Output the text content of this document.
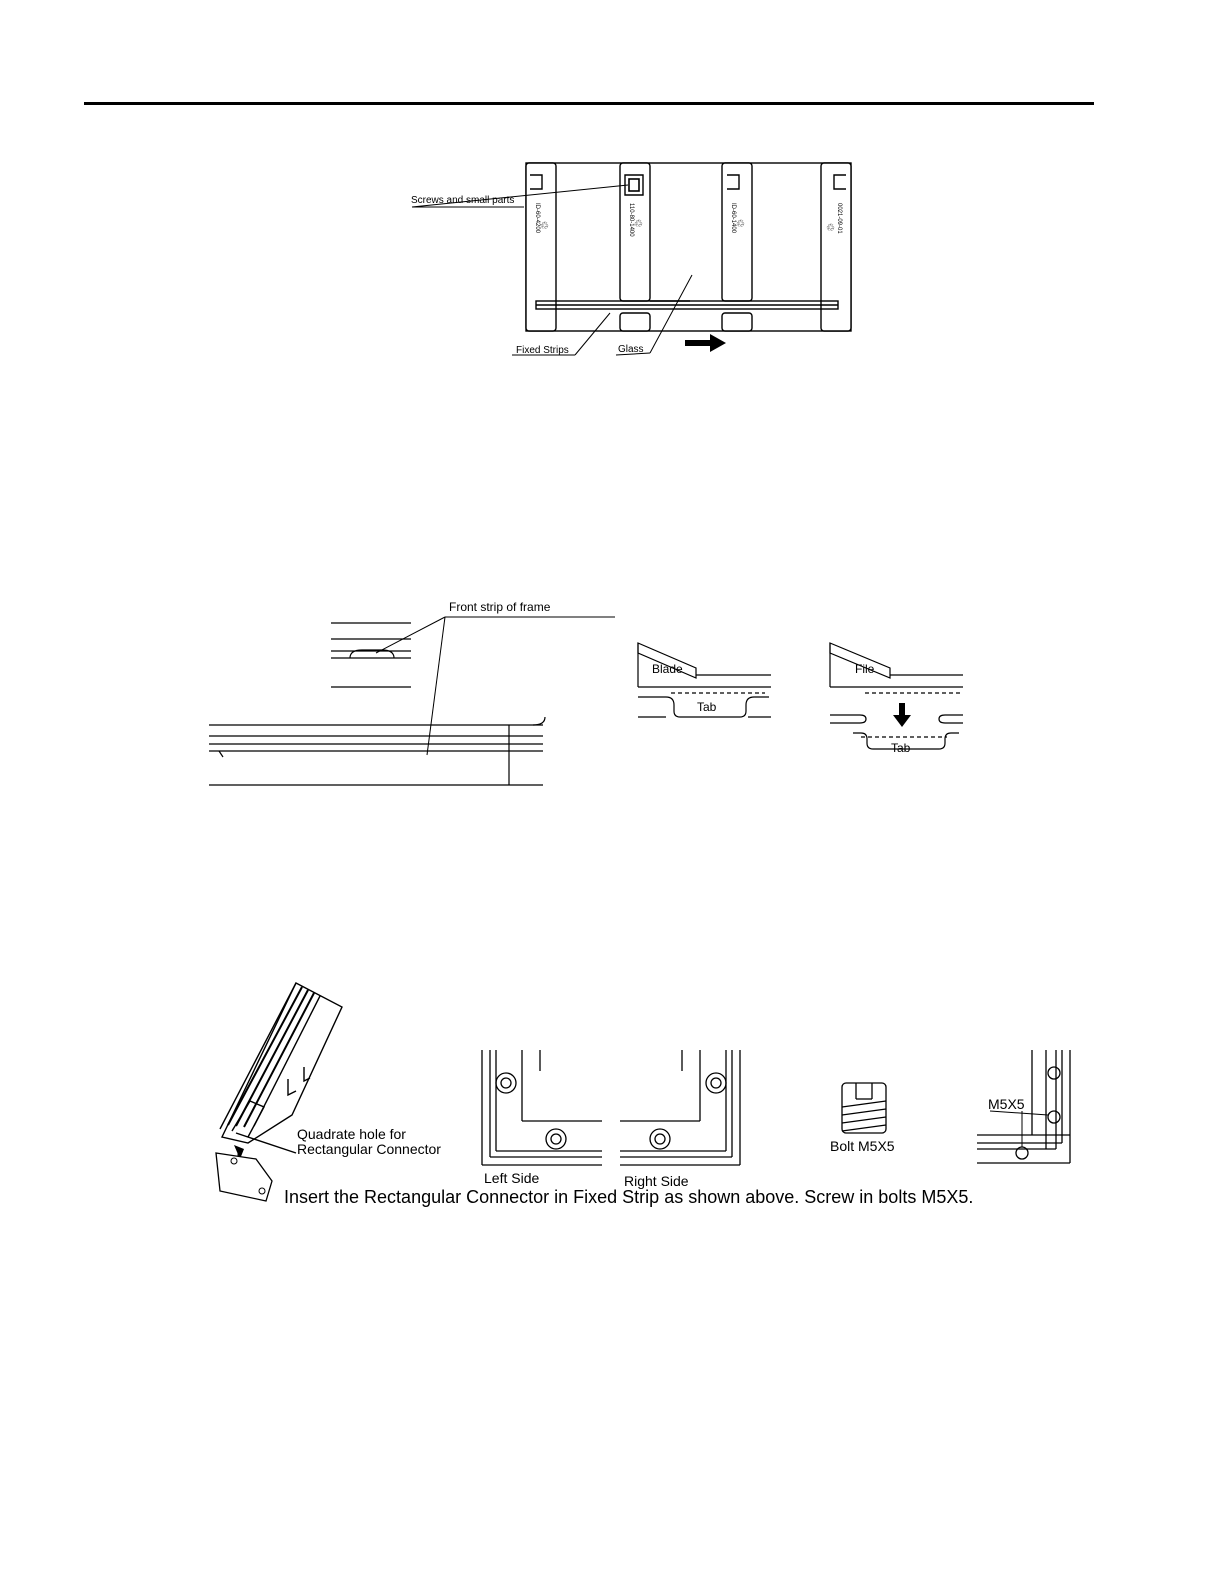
Screws and small parts
Fixed Strips	Glass
ID-60-4200	110-80-1400	ID-60-1400	0021-09-01
♲	♲	♲	♲
Front strip of frame
Blade
Tab
File
Tab
Quadrate hole for
Rectangular Connector
Left Side	Right Side
Bolt M5X5
M5X5
Insert the Rectangular Connector in Fixed Strip as shown above. Screw in bolts M5X5.
